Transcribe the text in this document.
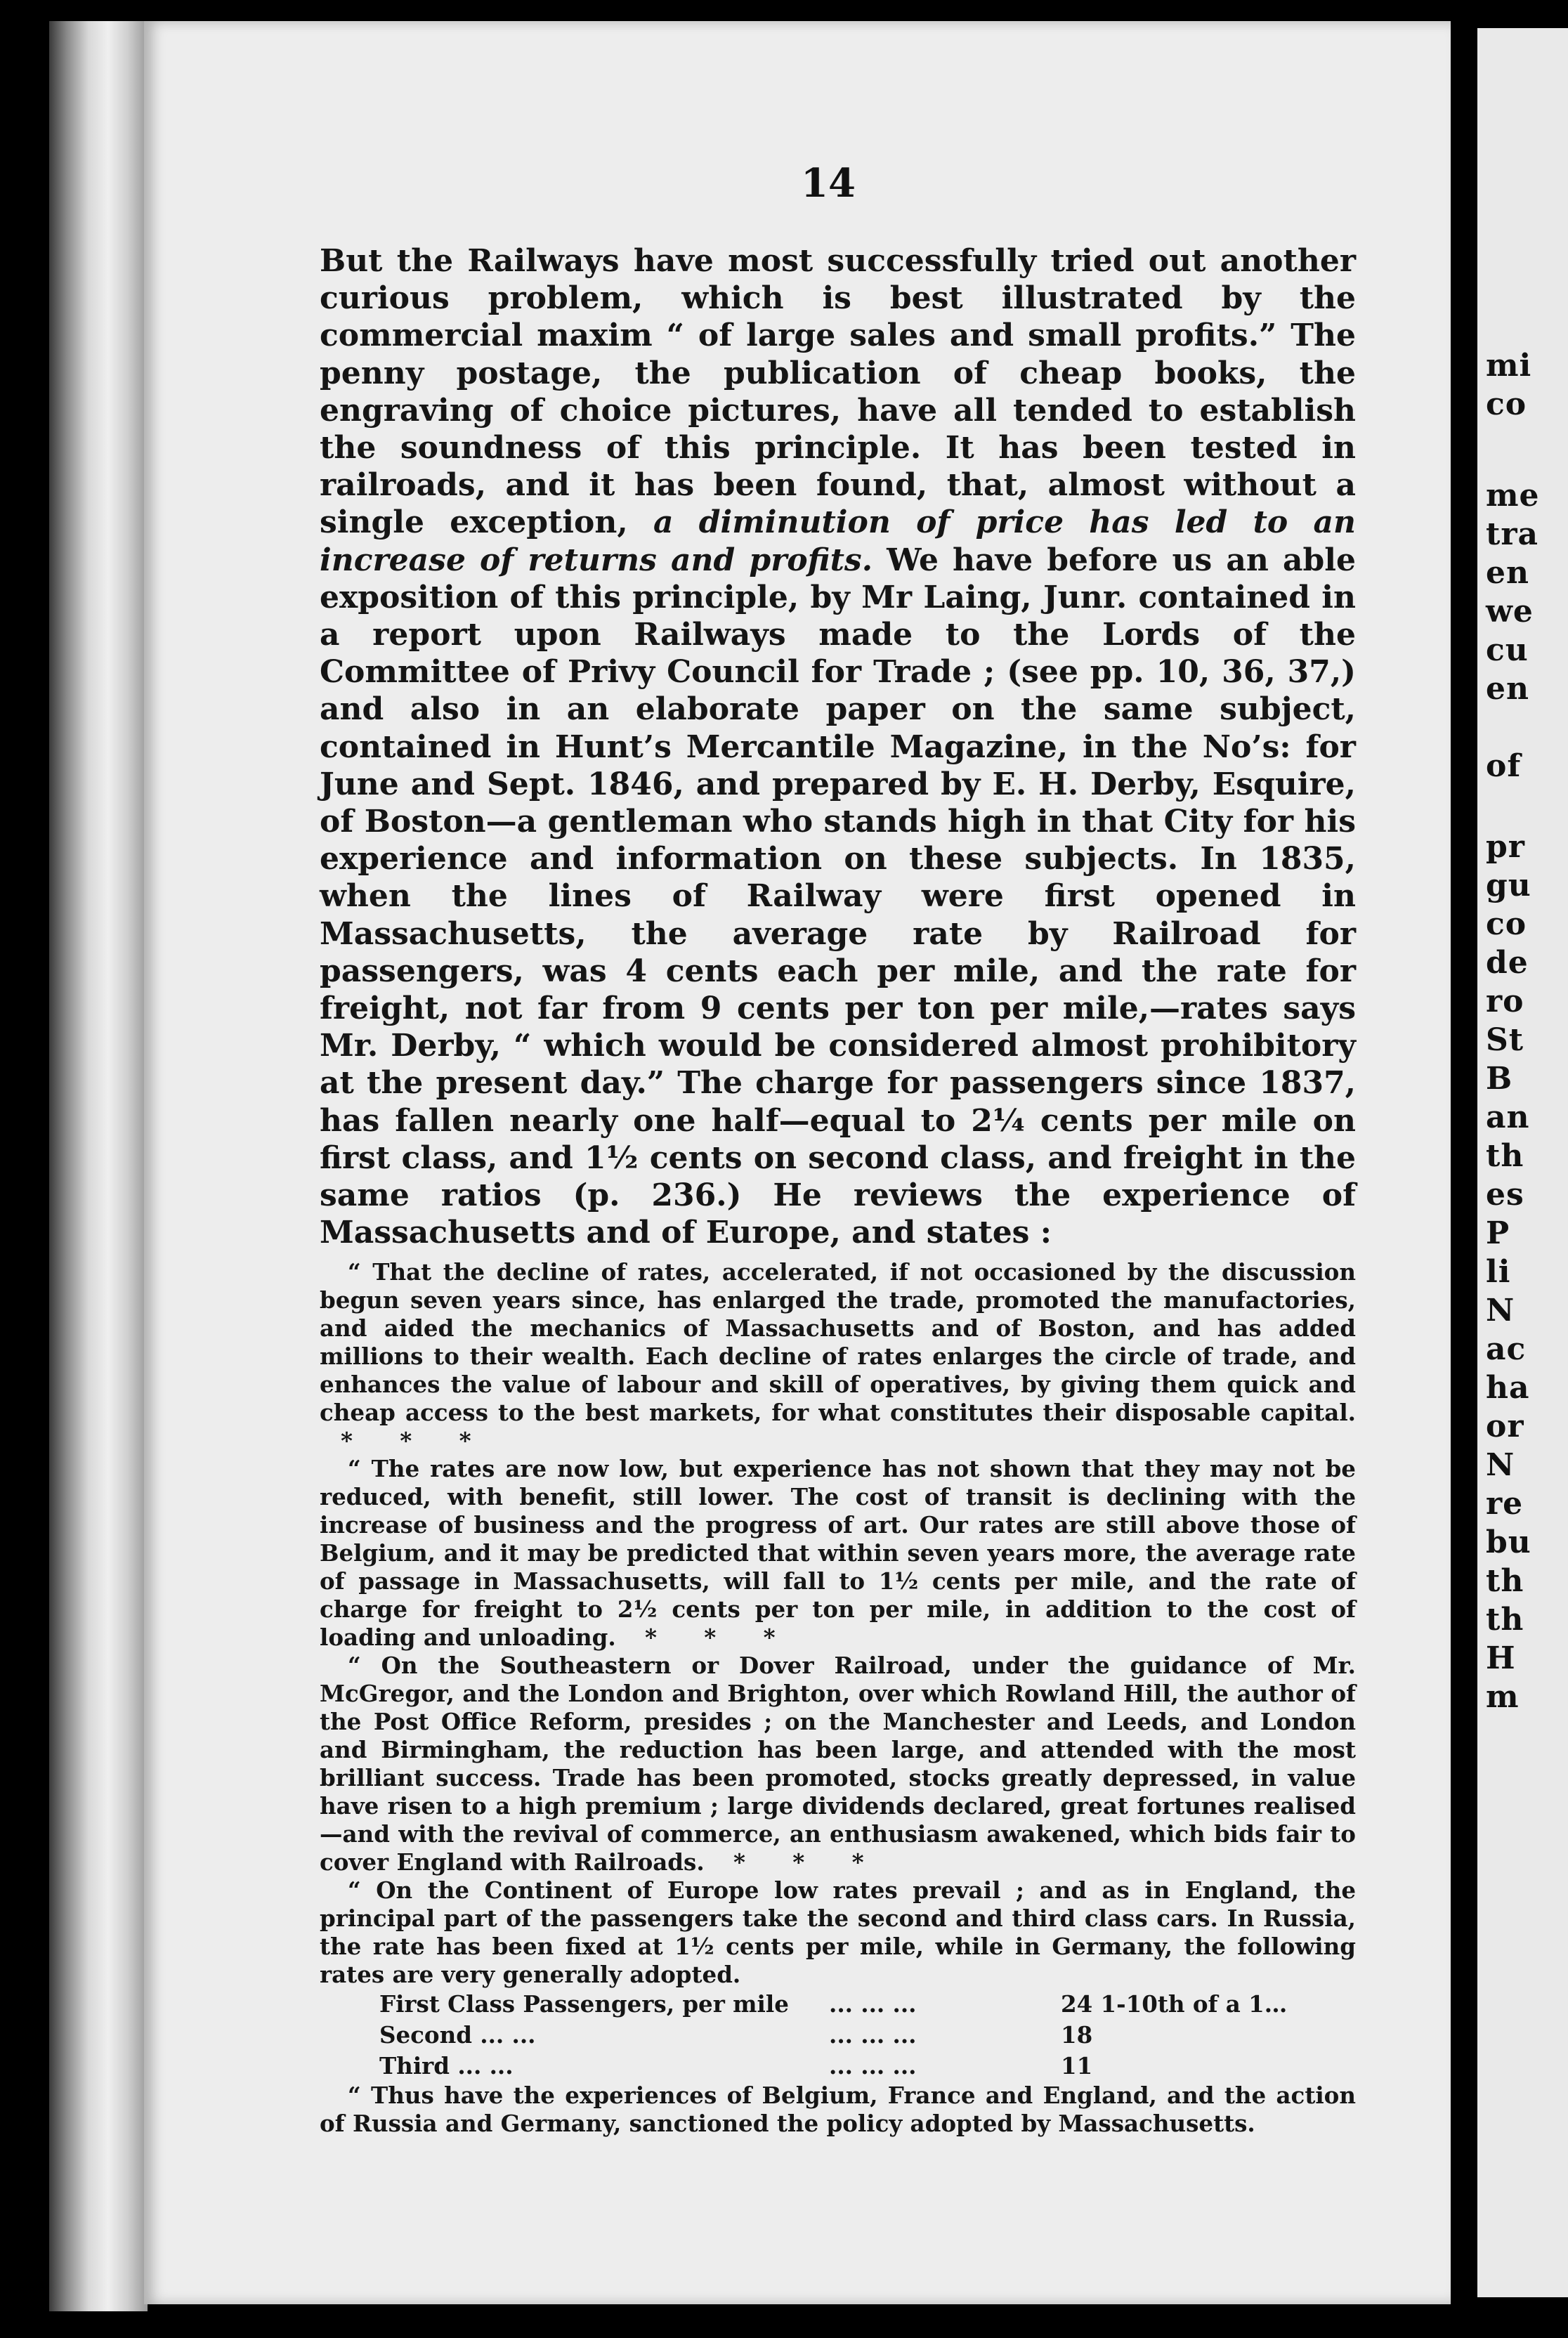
14

But the Railways have most successfully tried out another curious problem, which is best illustrated by the commercial maxim “ of large sales and small profits.” The penny postage, the publication of cheap books, the engraving of choice pictures, have all tended to establish the soundness of this principle. It has been tested in railroads, and it has been found, that, almost without a single exception, a diminution of price has led to an increase of returns and profits. We have before us an able exposition of this principle, by Mr Laing, Junr. contained in a report upon Railways made to the Lords of the Committee of Privy Council for Trade ; (see pp. 10, 36, 37,) and also in an elaborate paper on the same subject, contained in Hunt’s Mercantile Magazine, in the No’s: for June and Sept. 1846, and prepared by E. H. Derby, Esquire, of Boston—a gentleman who stands high in that City for his experience and information on these subjects. In 1835, when the lines of Railway were first opened in Massachusetts, the average rate by Railroad for passengers, was 4 cents each per mile, and the rate for freight, not far from 9 cents per ton per mile,—rates says Mr. Derby, “ which would be considered almost prohibitory at the present day.” The charge for passengers since 1837, has fallen nearly one half—equal to 2¼ cents per mile on first class, and 1½ cents on second class, and freight in the same ratios (p. 236.) He reviews the experience of Massachusetts and of Europe, and states :

“ That the decline of rates, accelerated, if not occasioned by the discussion begun seven years since, has enlarged the trade, promoted the manufactories, and aided the mechanics of Massachusetts and of Boston, and has added millions to their wealth. Each decline of rates enlarges the circle of trade, and enhances the value of labour and skill of operatives, by giving them quick and cheap access to the best markets, for what constitutes their disposable capital. * * *

“ The rates are now low, but experience has not shown that they may not be reduced, with benefit, still lower. The cost of transit is declining with the increase of business and the progress of art. Our rates are still above those of Belgium, and it may be predicted that within seven years more, the average rate of passage in Massachusetts, will fall to 1½ cents per mile, and the rate of charge for freight to 2½ cents per ton per mile, in addition to the cost of loading and unloading. * * *

“ On the Southeastern or Dover Railroad, under the guidance of Mr. McGregor, and the London and Brighton, over which Rowland Hill, the author of the Post Office Reform, presides ; on the Manchester and Leeds, and London and Birmingham, the reduction has been large, and attended with the most brilliant success. Trade has been promoted, stocks greatly depressed, in value have risen to a high premium ; large dividends declared, great fortunes realised —and with the revival of commerce, an enthusiasm awakened, which bids fair to cover England with Railroads. * * *

“ On the Continent of Europe low rates prevail ; and as in England, the principal part of the passengers take the second and third class cars. In Russia, the rate has been fixed at 1½ cents per mile, while in Germany, the following rates are very generally adopted.

First Class Passengers, per mile	... ... ...	24 1-10th of a 1…
Second ... ...	... ... ...	18
Third ... ...	... ... ...	11

“ Thus have the experiences of Belgium, France and England, and the action of Russia and Germany, sanctioned the policy adopted by Massachusetts.

mi
co
me
tra
en
we
cu
en
of
pr
gu
co
de
ro
St
B
an
th
es
P
li
N
ac
ha
or
N
re
bu
th
th
H
m
